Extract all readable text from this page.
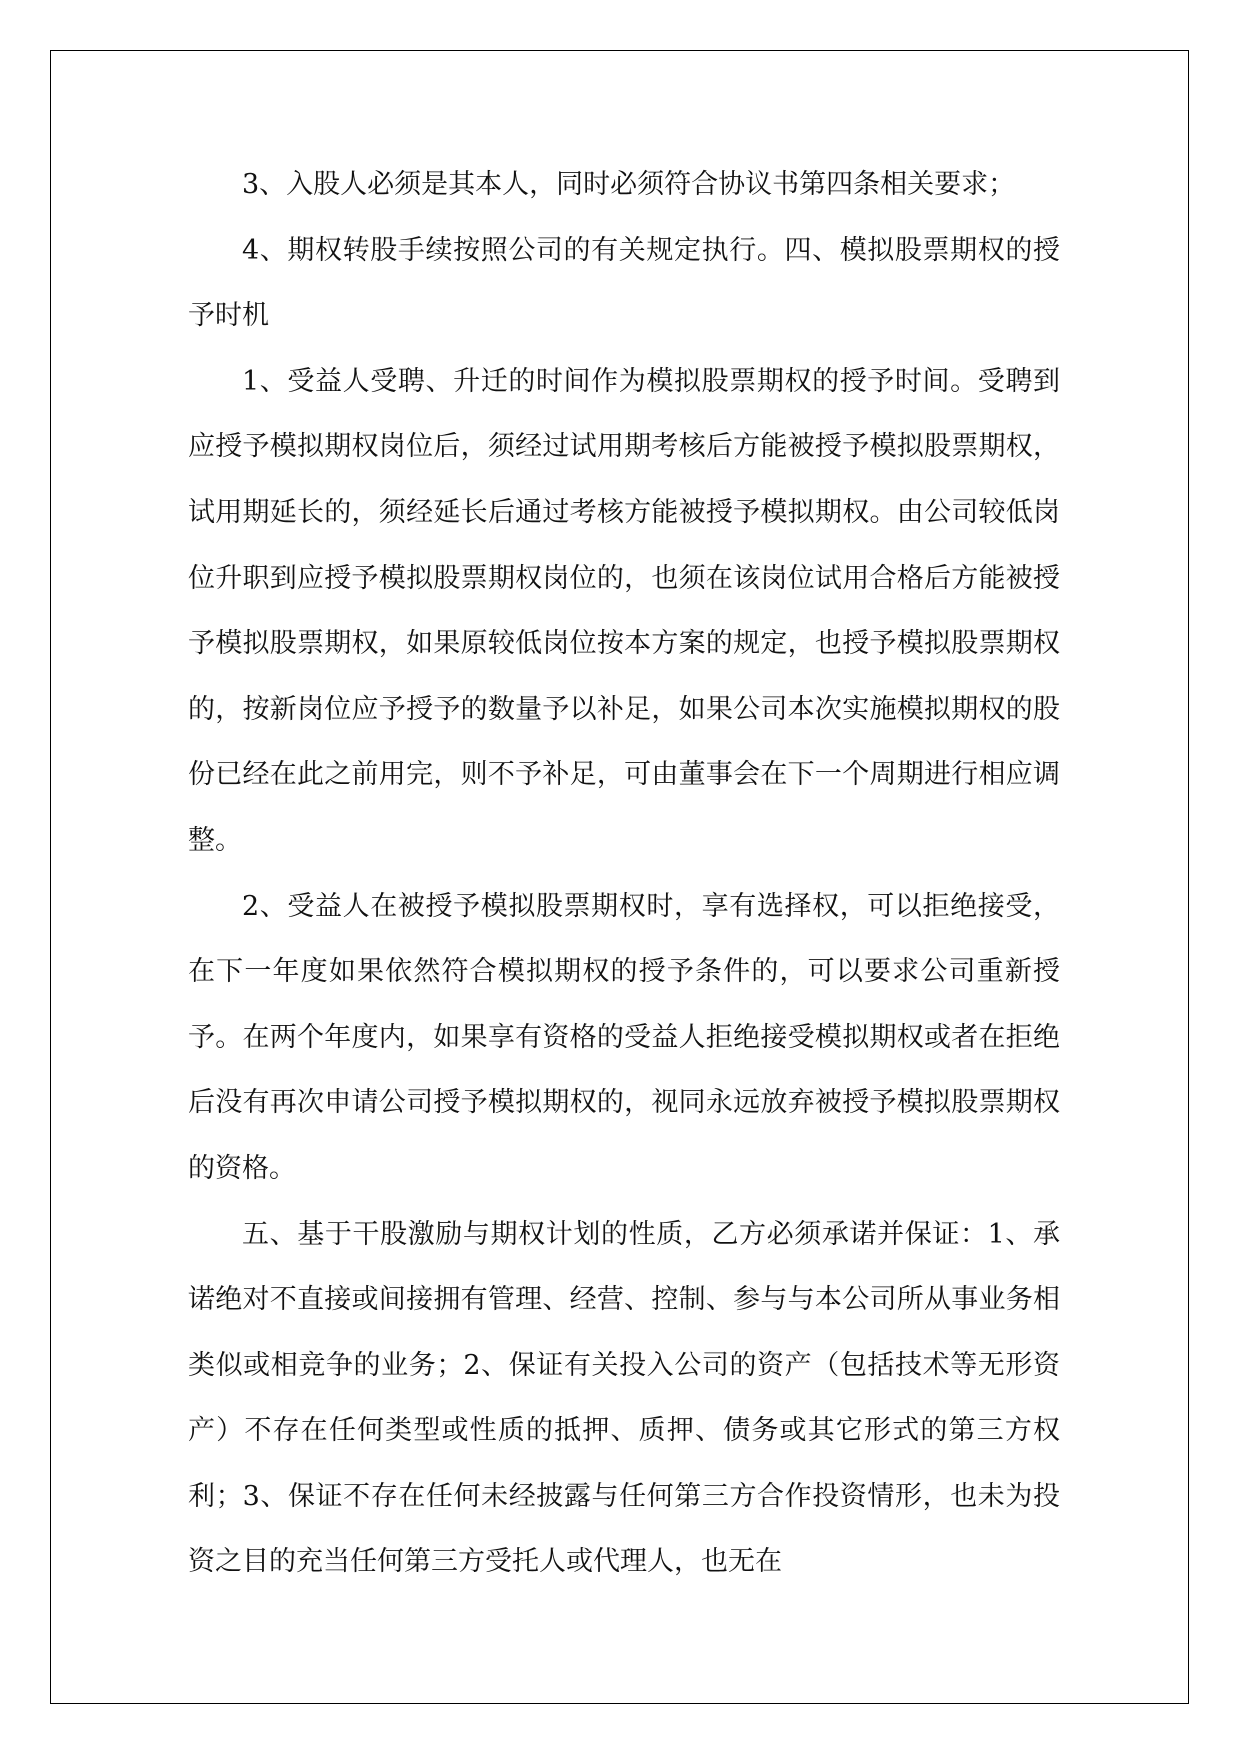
3、入股人必须是其本人，同时必须符合协议书第四条相关要求；

4、期权转股手续按照公司的有关规定执行。四、模拟股票期权的授予时机

1、受益人受聘、升迁的时间作为模拟股票期权的授予时间。受聘到应授予模拟期权岗位后，须经过试用期考核后方能被授予模拟股票期权，试用期延长的，须经延长后通过考核方能被授予模拟期权。由公司较低岗位升职到应授予模拟股票期权岗位的，也须在该岗位试用合格后方能被授予模拟股票期权，如果原较低岗位按本方案的规定，也授予模拟股票期权的，按新岗位应予授予的数量予以补足，如果公司本次实施模拟期权的股份已经在此之前用完，则不予补足，可由董事会在下一个周期进行相应调整。

2、受益人在被授予模拟股票期权时，享有选择权，可以拒绝接受，在下一年度如果依然符合模拟期权的授予条件的，可以要求公司重新授予。在两个年度内，如果享有资格的受益人拒绝接受模拟期权或者在拒绝后没有再次申请公司授予模拟期权的，视同永远放弃被授予模拟股票期权的资格。

五、基于干股激励与期权计划的性质，乙方必须承诺并保证：1、承诺绝对不直接或间接拥有管理、经营、控制、参与与本公司所从事业务相类似或相竞争的业务；2、保证有关投入公司的资产（包括技术等无形资产）不存在任何类型或性质的抵押、质押、债务或其它形式的第三方权利；3、保证不存在任何未经披露与任何第三方合作投资情形，也未为投资之目的充当任何第三方受托人或代理人，也无在
